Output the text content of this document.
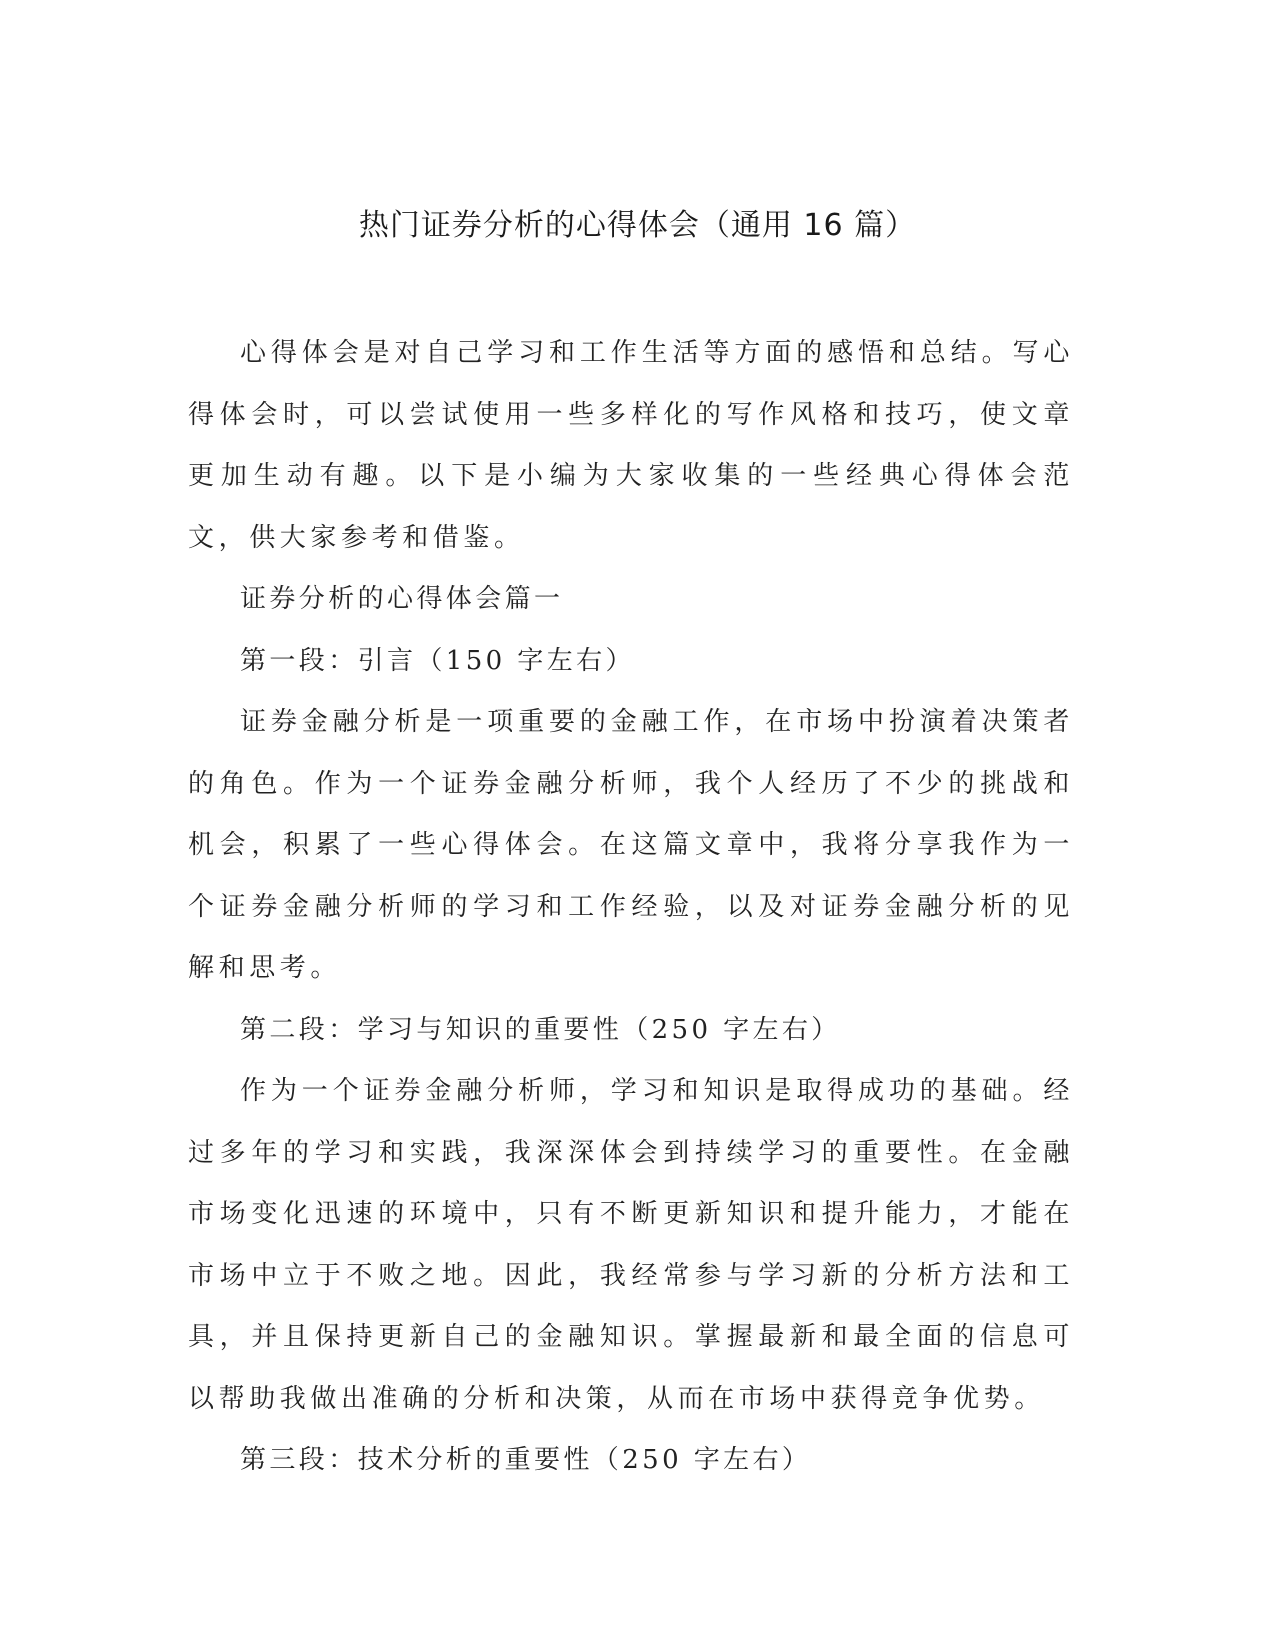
热门证券分析的心得体会（通用 16 篇）

心得体会是对自己学习和工作生活等方面的感悟和总结。写心得体会时，可以尝试使用一些多样化的写作风格和技巧，使文章更加生动有趣。以下是小编为大家收集的一些经典心得体会范文，供大家参考和借鉴。

证券分析的心得体会篇一

第一段：引言（150 字左右）

证券金融分析是一项重要的金融工作，在市场中扮演着决策者的角色。作为一个证券金融分析师，我个人经历了不少的挑战和机会，积累了一些心得体会。在这篇文章中，我将分享我作为一个证券金融分析师的学习和工作经验，以及对证券金融分析的见解和思考。

第二段：学习与知识的重要性（250 字左右）

作为一个证券金融分析师，学习和知识是取得成功的基础。经过多年的学习和实践，我深深体会到持续学习的重要性。在金融市场变化迅速的环境中，只有不断更新知识和提升能力，才能在市场中立于不败之地。因此，我经常参与学习新的分析方法和工具，并且保持更新自己的金融知识。掌握最新和最全面的信息可以帮助我做出准确的分析和决策，从而在市场中获得竞争优势。

第三段：技术分析的重要性（250 字左右）
